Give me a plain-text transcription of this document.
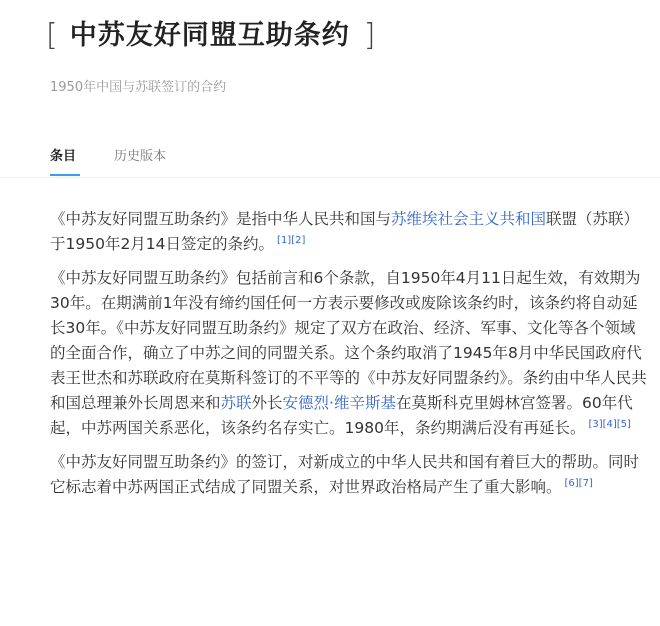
[ 中苏友好同盟互助条约 ]
1950年中国与苏联签订的合约
条目	历史版本

《中苏友好同盟互助条约》是指中华人民共和国与苏维埃社会主义共和国联盟（苏联）于1950年2月14日签定的条约。 [1][2]

《中苏友好同盟互助条约》包括前言和6个条款，自1950年4月11日起生效，有效期为30年。在期满前1年没有缔约国任何一方表示要修改或废除该条约时，该条约将自动延长30年。《中苏友好同盟互助条约》规定了双方在政治、经济、军事、文化等各个领域的全面合作，确立了中苏之间的同盟关系。这个条约取消了1945年8月中华民国政府代表王世杰和苏联政府在莫斯科签订的不平等的《中苏友好同盟条约》。条约由中华人民共和国总理兼外长周恩来和苏联外长安德烈·维辛斯基在莫斯科克里姆林宫签署。60年代起，中苏两国关系恶化，该条约名存实亡。1980年，条约期满后没有再延长。 [3][4][5]

《中苏友好同盟互助条约》的签订，对新成立的中华人民共和国有着巨大的帮助。同时它标志着中苏两国正式结成了同盟关系，对世界政治格局产生了重大影响。 [6][7]
